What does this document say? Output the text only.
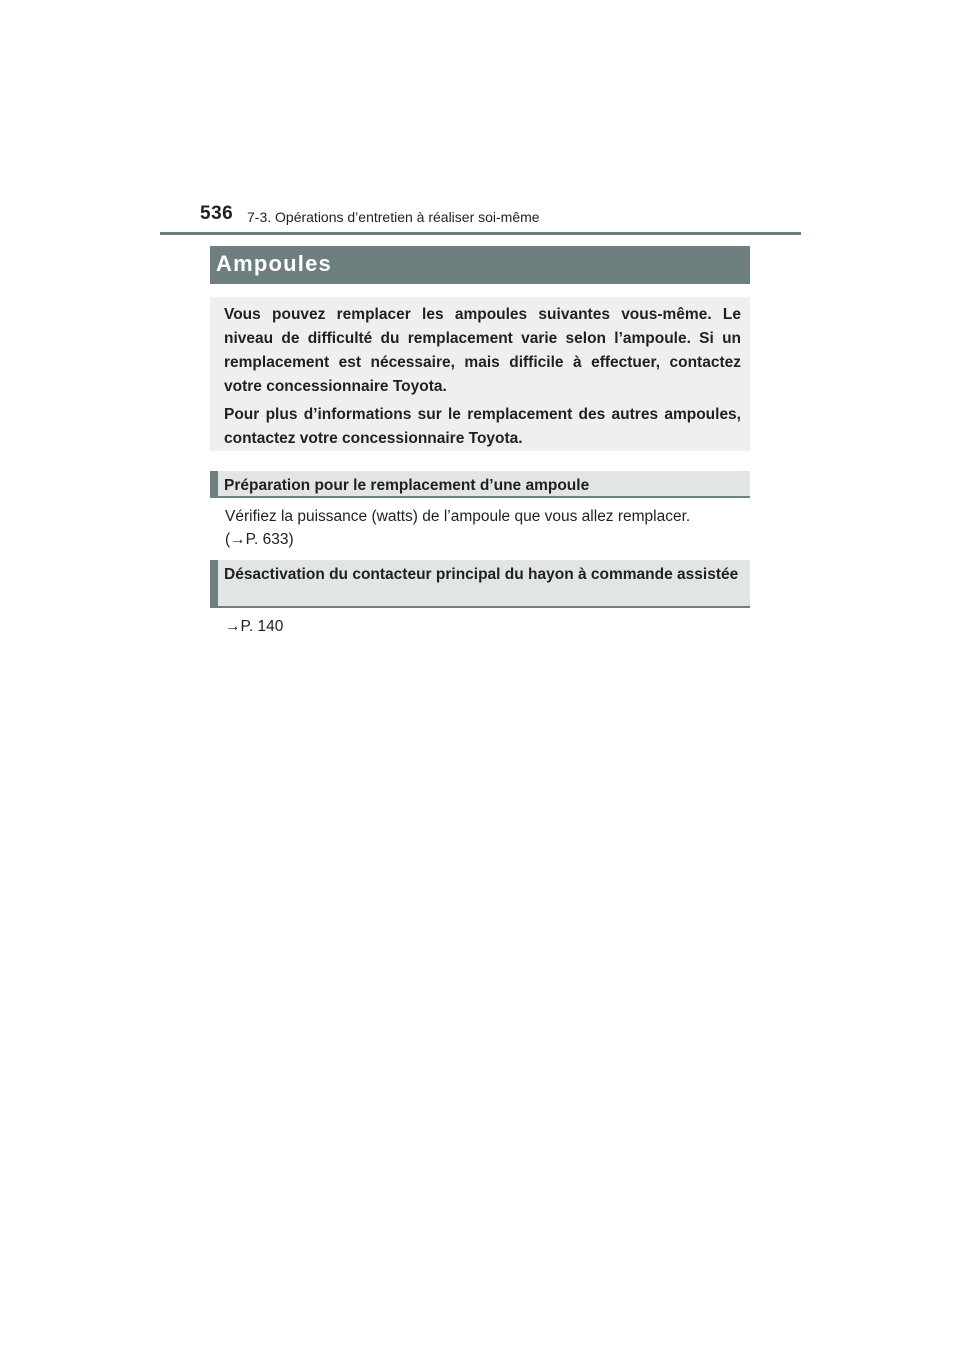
536 7-3. Opérations d’entretien à réaliser soi-même
Ampoules

Vous pouvez remplacer les ampoules suivantes vous-même. Le niveau de difficulté du remplacement varie selon l’ampoule. Si un remplacement est nécessaire, mais difficile à effectuer, contactez votre concessionnaire Toyota.

Pour plus d’informations sur le remplacement des autres ampoules, contactez votre concessionnaire Toyota.

Préparation pour le remplacement d’une ampoule
Vérifiez la puissance (watts) de l’ampoule que vous allez remplacer.
(→P. 633)
Désactivation du contacteur principal du hayon à commande assistée
→P. 140
